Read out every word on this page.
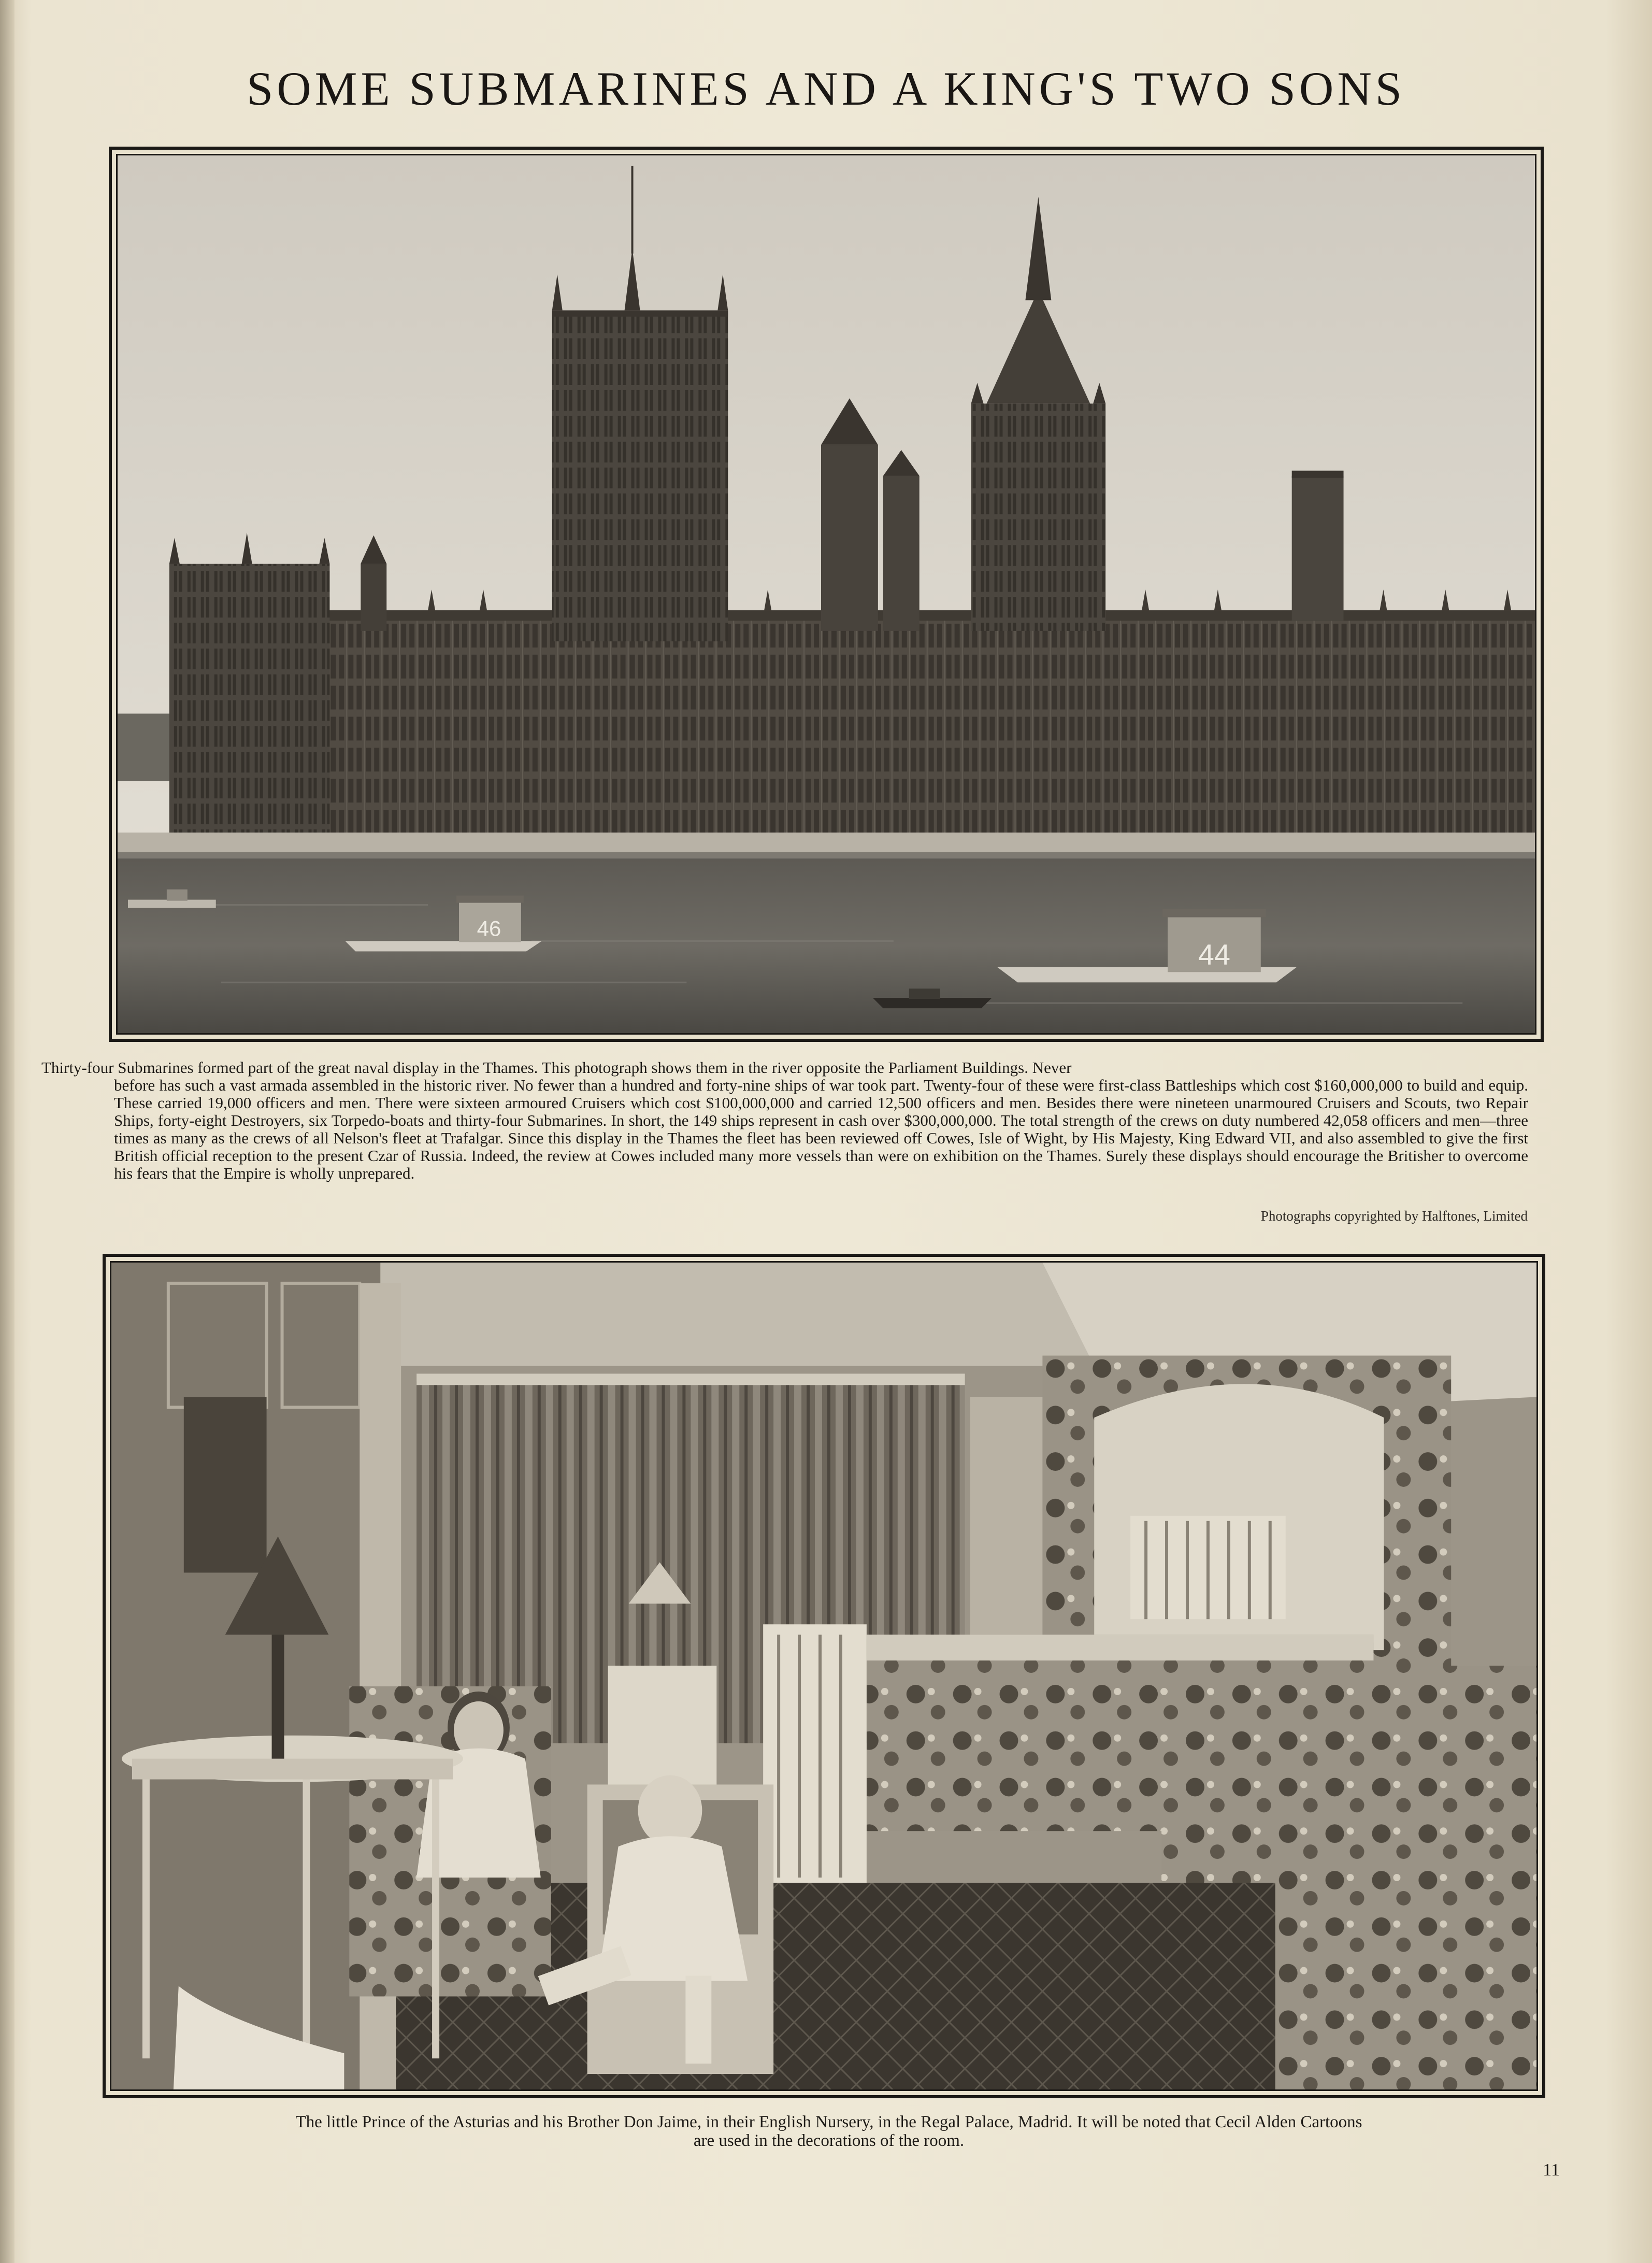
SOME SUBMARINES AND A KING'S TWO SONS
46
44
Thirty-four Submarines formed part of the great naval display in the Thames. This photograph shows them in the river opposite the Parliament Buildings. Never
before has such a vast armada assembled in the historic river. No fewer than a hundred and forty-nine ships of war took part. Twenty-four of these were first-class Battleships which cost $160,000,000 to build and equip. These carried 19,000 officers and men. There were sixteen armoured Cruisers which cost $100,000,000 and carried 12,500 officers and men. Besides there were nineteen unarmoured Cruisers and Scouts, two Repair Ships, forty-eight Destroyers, six Torpedo-boats and thirty-four Submarines. In short, the 149 ships represent in cash over $300,000,000. The total strength of the crews on duty numbered 42,058 officers and men—three times as many as the crews of all Nelson's fleet at Trafalgar. Since this display in the Thames the fleet has been reviewed off Cowes, Isle of Wight, by His Majesty, King Edward VII, and also assembled to give the first British official reception to the present Czar of Russia. Indeed, the review at Cowes included many more vessels than were on exhibition on the Thames. Surely these displays should encourage the Britisher to overcome his fears that the Empire is wholly unprepared.
Photographs copyrighted by Halftones, Limited
The little Prince of the Asturias and his Brother Don Jaime, in their English Nursery, in the Regal Palace, Madrid. It will be noted that Cecil Alden Cartoons
are used in the decorations of the room.
11
